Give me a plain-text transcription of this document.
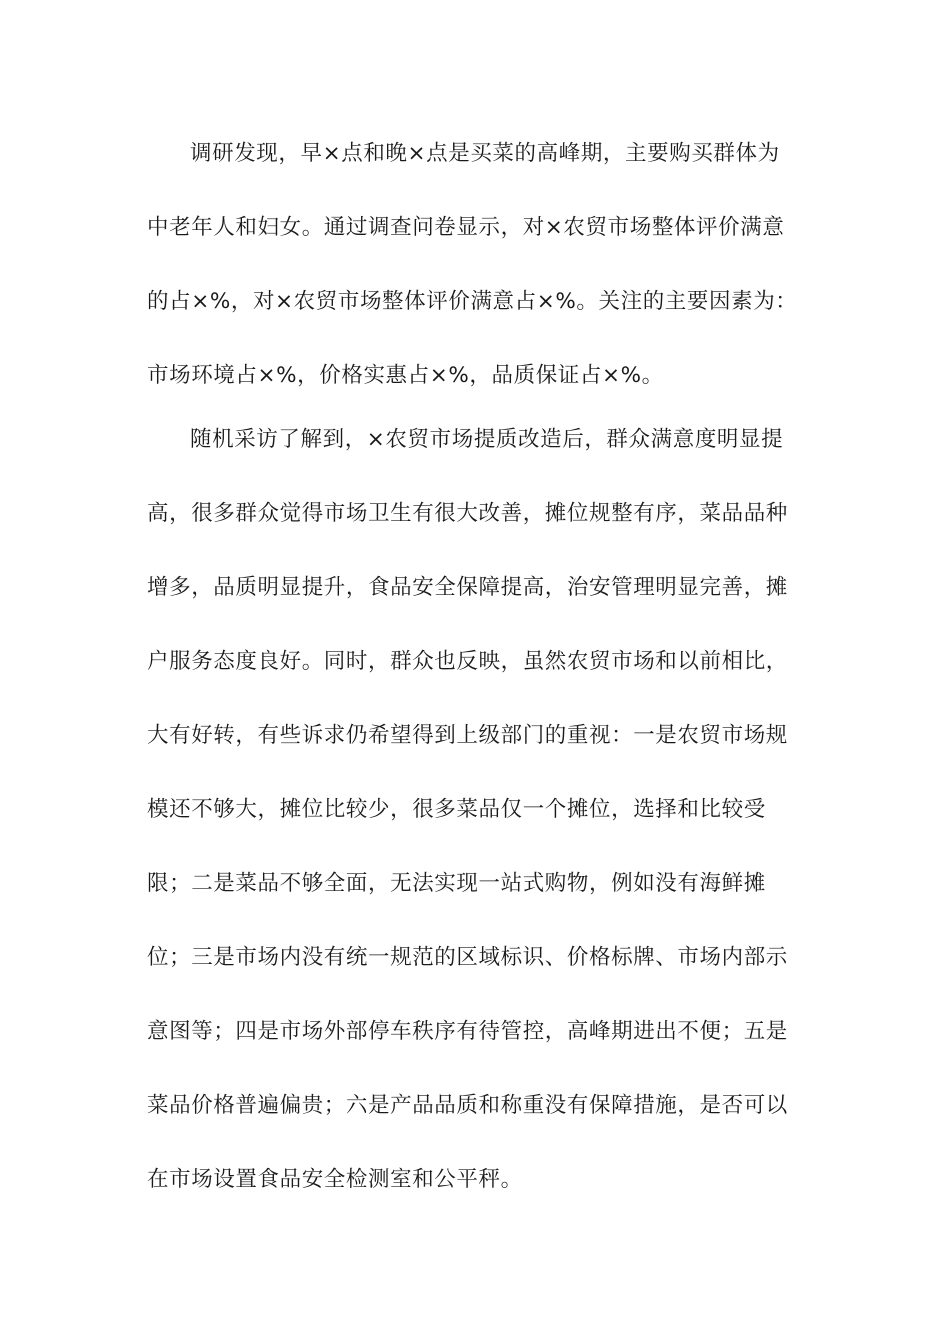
调研发现，早×点和晚×点是买菜的高峰期，主要购买群体为
中老年人和妇女。通过调查问卷显示，对×农贸市场整体评价满意
的占×%，对×农贸市场整体评价满意占×%。关注的主要因素为：
市场环境占×%，价格实惠占×%，品质保证占×%。
随机采访了解到，×农贸市场提质改造后，群众满意度明显提
高，很多群众觉得市场卫生有很大改善，摊位规整有序，菜品品种
增多，品质明显提升，食品安全保障提高，治安管理明显完善，摊
户服务态度良好。同时，群众也反映，虽然农贸市场和以前相比，
大有好转，有些诉求仍希望得到上级部门的重视：一是农贸市场规
模还不够大，摊位比较少，很多菜品仅一个摊位，选择和比较受
限；二是菜品不够全面，无法实现一站式购物，例如没有海鲜摊
位；三是市场内没有统一规范的区域标识、价格标牌、市场内部示
意图等；四是市场外部停车秩序有待管控，高峰期进出不便；五是
菜品价格普遍偏贵；六是产品品质和称重没有保障措施，是否可以
在市场设置食品安全检测室和公平秤。
